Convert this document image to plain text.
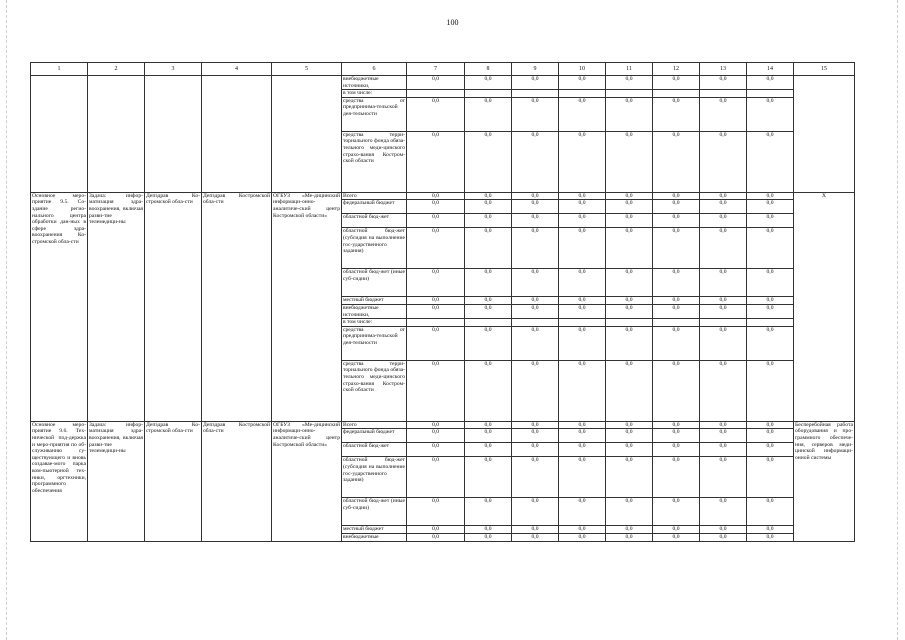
100
1	2	3	4	5	6	7	8	9	10	11	12	13	14	15
					внебюджетные источники,	0,0	0,0	0,0	0,0	0,0	0,0	0,0	0,0	
					в том числе:									
					средства от предпринима-тельской дея-тельности	0,0	0,0	0,0	0,0	0,0	0,0	0,0	0,0	
					средства терри-ториального фонда обяза-тельного меди-цинского страхо-вания Костром-ской области	0,0	0,0	0,0	0,0	0,0	0,0	0,0	0,0	
Основное меро-приятие 9.5. Со-здание регио-нального центра обработки дан-ных в сфере здра-воохранения Ко-стромской обла-сти	Задача: инфор-матизация здра-воохранения, включая разви-тие телемедици-ны	Депздрав Ко-стромской обла-сти	Депздрав Костромской обла-сти	ОГБУЗ «Ме-дицинский информаци-онно-аналитиче-ский центр Костромской области»	Всего	0,0	0,0	0,0	0,0	0,0	0,0	0,0	0,0	X
					федеральный бюджет	0,0	0,0	0,0	0,0	0,0	0,0	0,0	0,0	
					областной бюд-жет	0,0	0,0	0,0	0,0	0,0	0,0	0,0	0,0	
					областной бюд-жет (субсидия на выполнение гос-ударственного задания)	0,0	0,0	0,0	0,0	0,0	0,0	0,0	0,0	
					областной бюд-жет (иные суб-сидии)	0,0	0,0	0,0	0,0	0,0	0,0	0,0	0,0	
					местный бюджет	0,0	0,0	0,0	0,0	0,0	0,0	0,0	0,0	
					внебюджетные источники,	0,0	0,0	0,0	0,0	0,0	0,0	0,0	0,0	
					в том числе:									
					средства от предпринима-тельской дея-тельности	0,0	0,0	0,0	0,0	0,0	0,0	0,0	0,0	
					средства терри-ториального фонда обяза-тельного меди-цинского страхо-вания Костром-ской области	0,0	0,0	0,0	0,0	0,0	0,0	0,0	0,0	
Основное меро-приятие 9.6. Тех-нической под-держка и меро-приятия по об-служиванию су-ществующего и вновь создавае-мого парка ком-пьютерной тех-ники, оргтехники, программного обеспечения	Задача: инфор-матизация здра-воохранения, включая разви-тие телемедици-ны	Депздрав Ко-стромской обла-сти	Депздрав Костромской обла-сти	ОГБУЗ «Ме-дицинский информаци-онно-аналитиче-ский центр Костромской области»	Всего	0,0	0,0	0,0	0,0	0,0	0,0	0,0	0,0	Бесперебойная работа оборудования и про-граммного обеспече-ния, серверов меди-цинской информаци-онной системы
					федеральный бюджет	0,0	0,0	0,0	0,0	0,0	0,0	0,0	0,0	
					областной бюд-жет	0,0	0,0	0,0	0,0	0,0	0,0	0,0	0,0	
					областной бюд-жет (субсидия на выполнение гос-ударственного задания)	0,0	0,0	0,0	0,0	0,0	0,0	0,0	0,0	
					областной бюд-жет (иные суб-сидии)	0,0	0,0	0,0	0,0	0,0	0,0	0,0	0,0	
					местный бюджет	0,0	0,0	0,0	0,0	0,0	0,0	0,0	0,0	
					внебюджетные	0,0	0,0	0,0	0,0	0,0	0,0	0,0	0,0	
